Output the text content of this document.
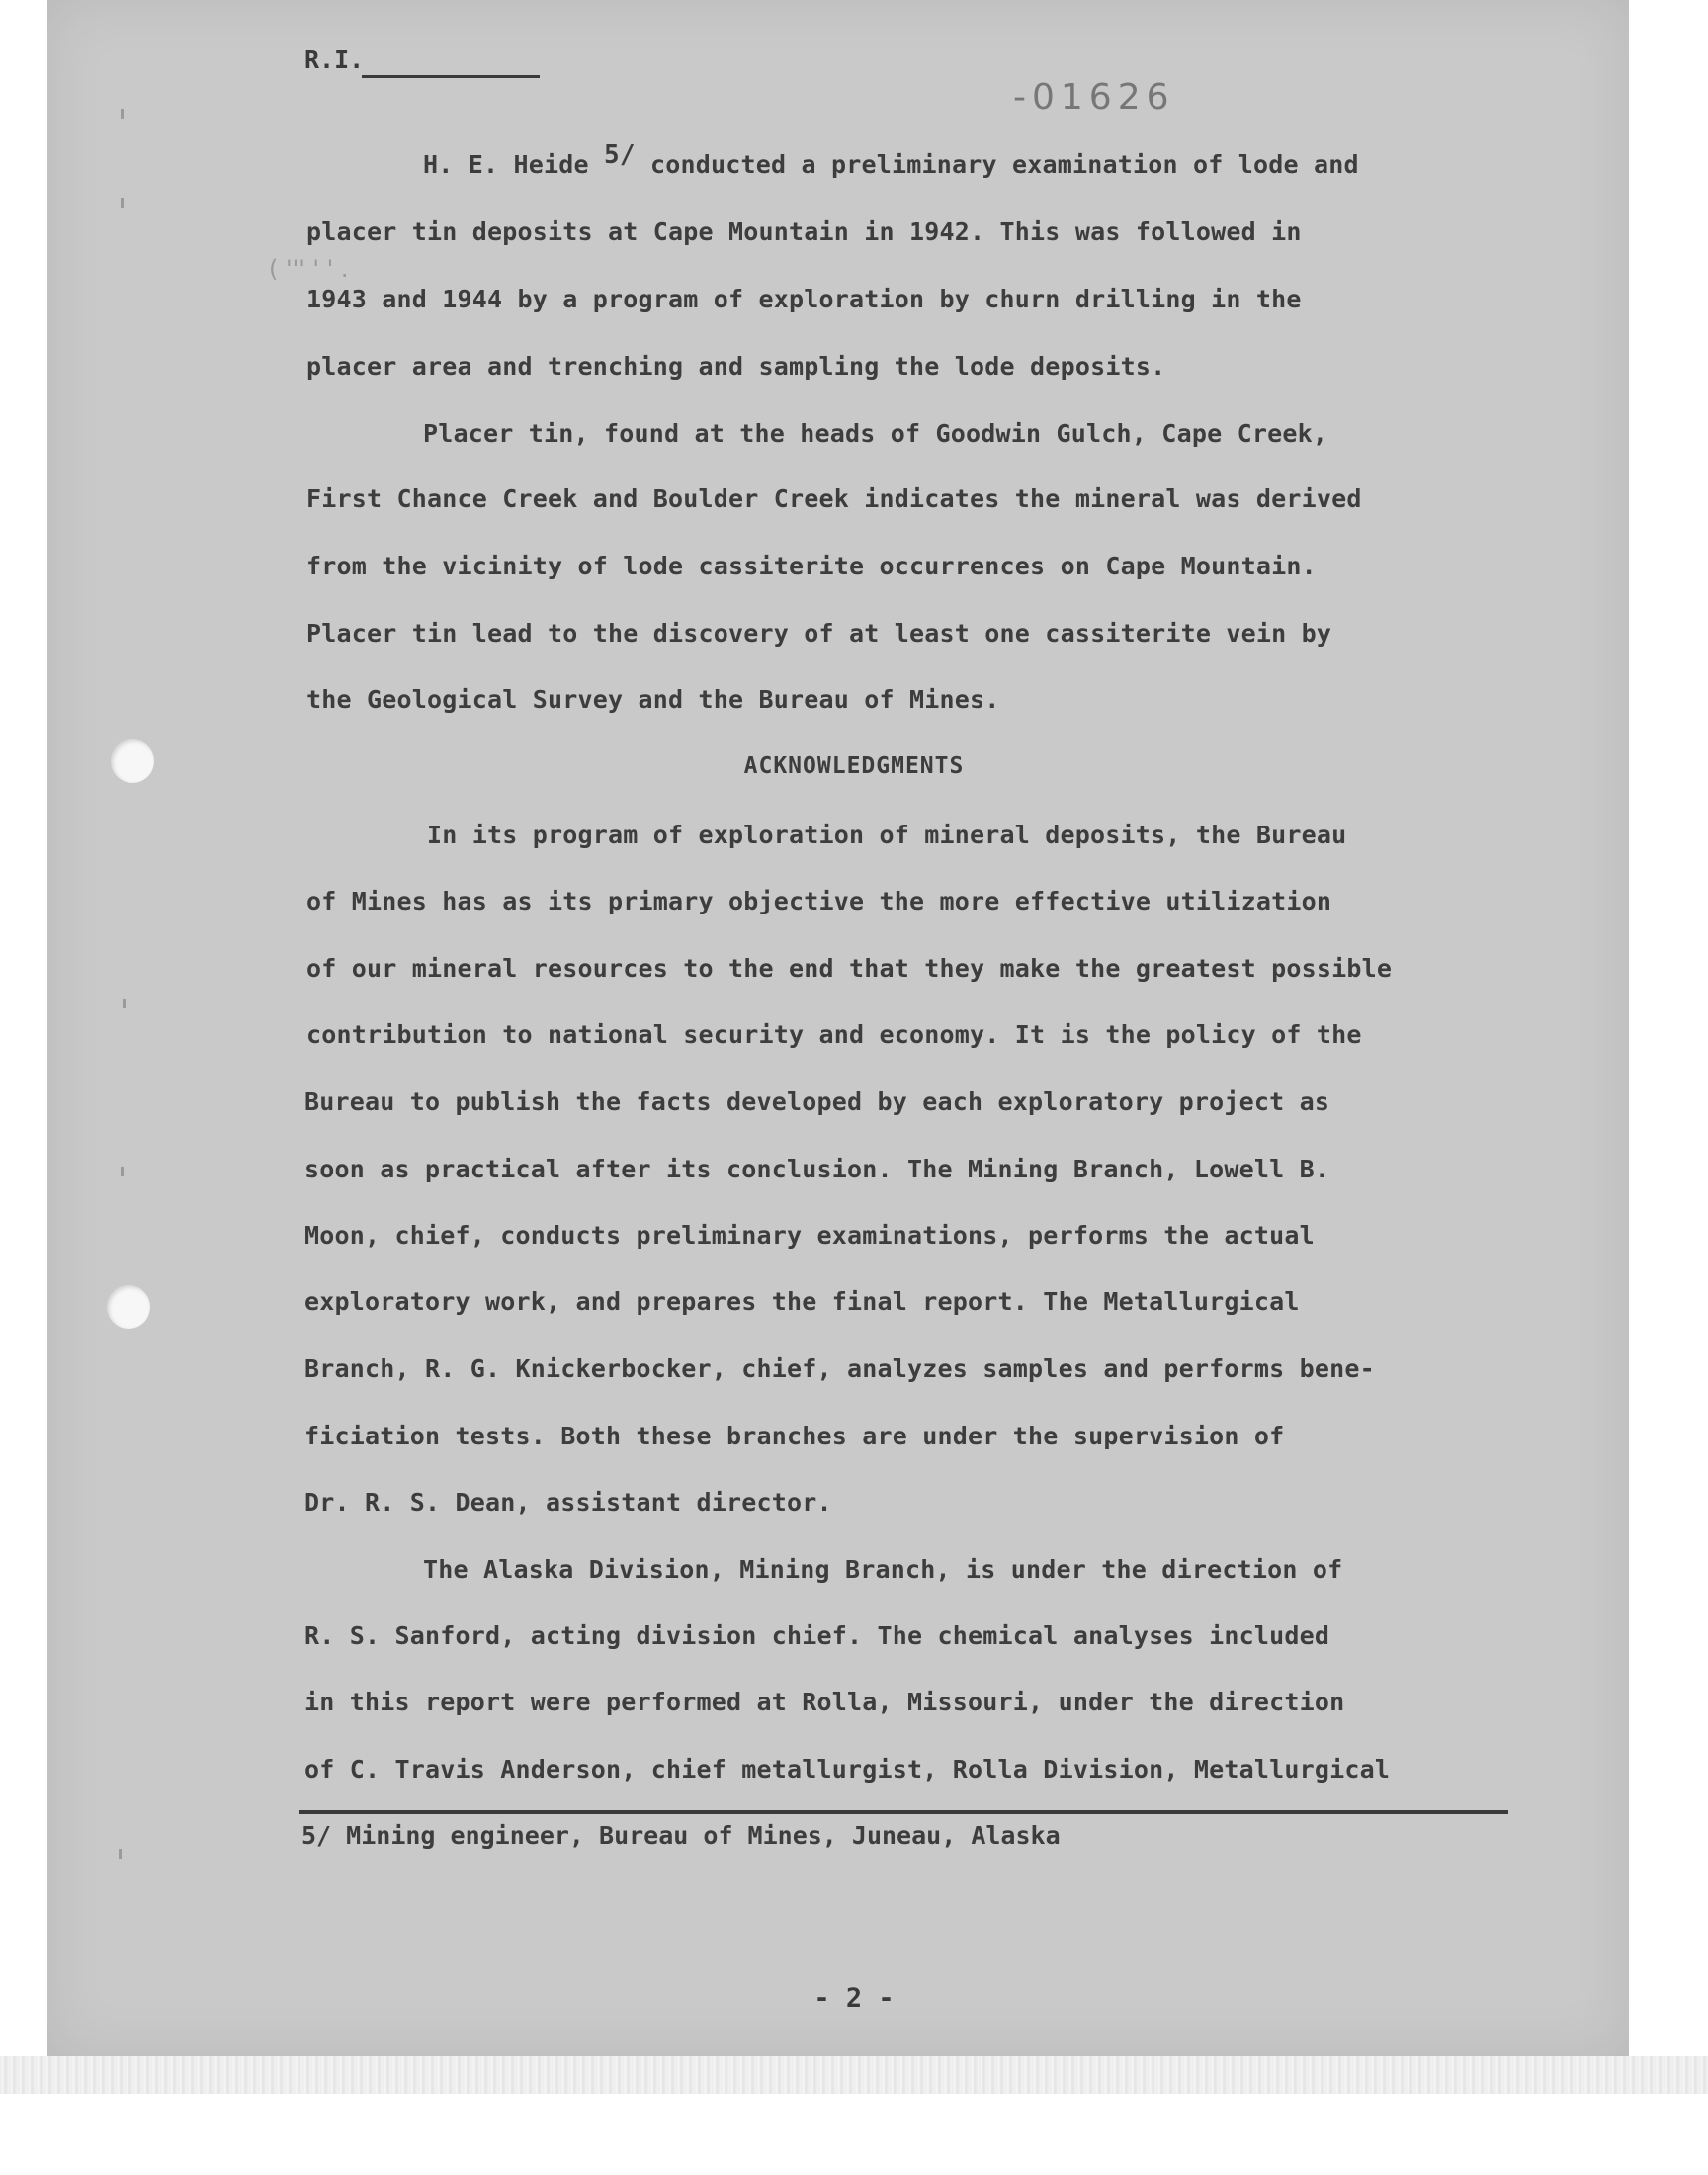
R.I.
-01626
( ''' ' ' .
H. E. Heide 5/ conducted a preliminary examination of lode and
placer tin deposits at Cape Mountain in 1942. This was followed in
1943 and 1944 by a program of exploration by churn drilling in the
placer area and trenching and sampling the lode deposits.
Placer tin, found at the heads of Goodwin Gulch, Cape Creek,
First Chance Creek and Boulder Creek indicates the mineral was derived
from the vicinity of lode cassiterite occurrences on Cape Mountain.
Placer tin lead to the discovery of at least one cassiterite vein by
the Geological Survey and the Bureau of Mines.
ACKNOWLEDGMENTS
In its program of exploration of mineral deposits, the Bureau
of Mines has as its primary objective the more effective utilization
of our mineral resources to the end that they make the greatest possible
contribution to national security and economy. It is the policy of the
Bureau to publish the facts developed by each exploratory project as
soon as practical after its conclusion. The Mining Branch, Lowell B.
Moon, chief, conducts preliminary examinations, performs the actual
exploratory work, and prepares the final report. The Metallurgical
Branch, R. G. Knickerbocker, chief, analyzes samples and performs bene-
ficiation tests. Both these branches are under the supervision of
Dr. R. S. Dean, assistant director.
The Alaska Division, Mining Branch, is under the direction of
R. S. Sanford, acting division chief. The chemical analyses included
in this report were performed at Rolla, Missouri, under the direction
of C. Travis Anderson, chief metallurgist, Rolla Division, Metallurgical
5/ Mining engineer, Bureau of Mines, Juneau, Alaska
- 2 -
